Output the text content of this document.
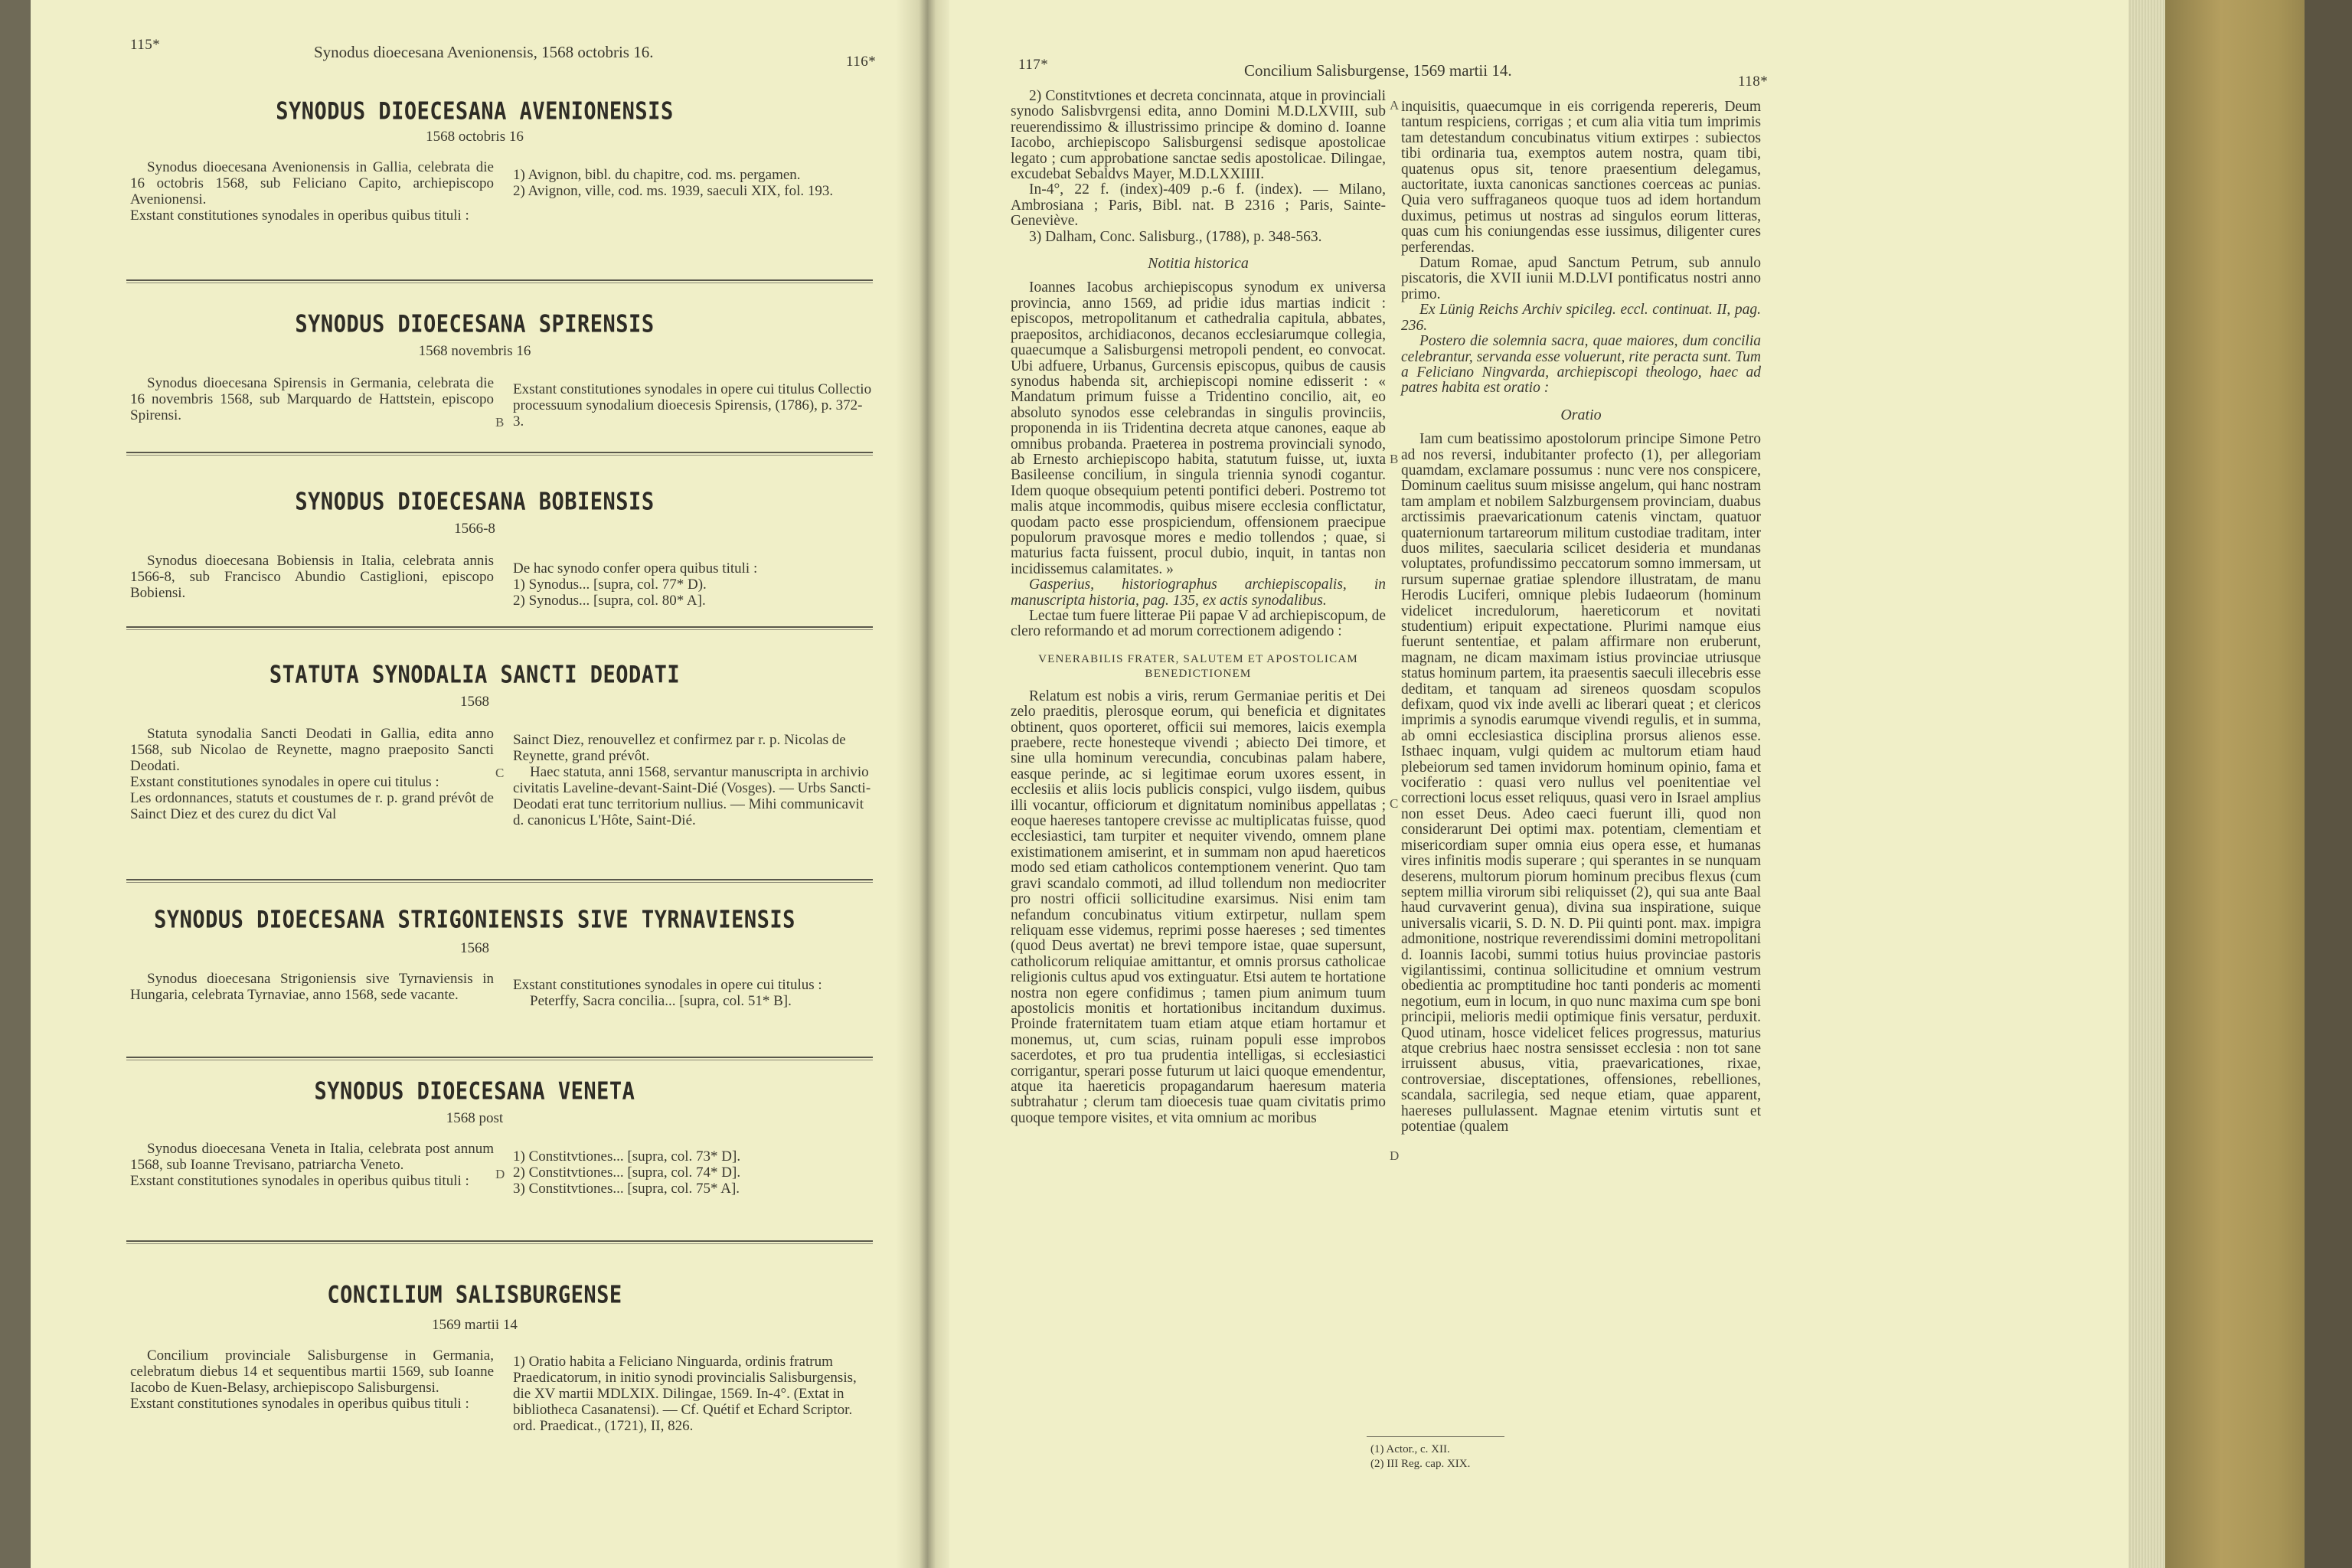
115*	Synodus dioecesana Avenionensis, 1568 octobris 16.
116*
SYNODUS DIOECESANA AVENIONENSIS
1568 octobris 16
Synodus dioecesana Avenionensis in Gallia, celebrata die 16 octobris 1568, sub Feliciano Capito, archiepiscopo Avenionensi.
Exstant constitutiones synodales in operibus quibus tituli :
1) Avignon, bibl. du chapitre, cod. ms. pergamen.
2) Avignon, ville, cod. ms. 1939, saeculi XIX, fol. 193.
SYNODUS DIOECESANA SPIRENSIS
1568 novembris 16
Synodus dioecesana Spirensis in Germania, celebrata die 16 novembris 1568, sub Marquardo de Hattstein, episcopo Spirensi.
Exstant constitutiones synodales in opere cui titulus Collectio processuum synodalium dioecesis Spirensis, (1786), p. 372-3.
B
SYNODUS DIOECESANA BOBIENSIS
1566-8
Synodus dioecesana Bobiensis in Italia, celebrata annis 1566-8, sub Francisco Abundio Castiglioni, episcopo Bobiensi.
De hac synodo confer opera quibus tituli :
1) Synodus... [supra, col. 77* D).
2) Synodus... [supra, col. 80* A].
STATUTA SYNODALIA SANCTI DEODATI
1568
Statuta synodalia Sancti Deodati in Gallia, edita anno 1568, sub Nicolao de Reynette, magno praeposito Sancti Deodati.
Exstant constitutiones synodales in opere cui titulus :
Les ordonnances, statuts et coustumes de r. p. grand prévôt de Sainct Diez et des curez du dict Val
Sainct Diez, renouvellez et confirmez par r. p. Nicolas de Reynette, grand prévôt.
Haec statuta, anni 1568, servantur manuscripta in archivio civitatis Laveline-devant-Saint-Dié (Vosges). — Urbs Sancti-Deodati erat tunc territorium nullius. — Mihi communicavit d. canonicus L'Hôte, Saint-Dié.
C
SYNODUS DIOECESANA STRIGONIENSIS SIVE TYRNAVIENSIS
1568
Synodus dioecesana Strigoniensis sive Tyrnaviensis in Hungaria, celebrata Tyrnaviae, anno 1568, sede vacante.
Exstant constitutiones synodales in opere cui titulus :
Peterffy, Sacra concilia... [supra, col. 51* B].
SYNODUS DIOECESANA VENETA
1568 post
Synodus dioecesana Veneta in Italia, celebrata post annum 1568, sub Ioanne Trevisano, patriarcha Veneto.
Exstant constitutiones synodales in operibus quibus tituli :
1) Constitvtiones... [supra, col. 73* D].
2) Constitvtiones... [supra, col. 74* D].
3) Constitvtiones... [supra, col. 75* A].
D
CONCILIUM SALISBURGENSE
1569 martii 14
Concilium provinciale Salisburgense in Germania, celebratum diebus 14 et sequentibus martii 1569, sub Ioanne Iacobo de Kuen-Belasy, archiepiscopo Salisburgensi.
Exstant constitutiones synodales in operibus quibus tituli :
1) Oratio habita a Feliciano Ninguarda, ordinis fratrum Praedicatorum, in initio synodi provincialis Salisburgensis, die XV martii MDLXIX. Dilingae, 1569. In-4°. (Extat in bibliotheca Casanatensi). — Cf. Quétif et Echard Scriptor. ord. Praedicat., (1721), II, 826.
117*	Concilium Salisburgense, 1569 martii 14.
118*

2) Constitvtiones et decreta concinnata, atque in provinciali synodo Salisbvrgensi edita, anno Domini M.D.LXVIII, sub reuerendissimo & illustrissimo principe & domino d. Ioanne Iacobo, archiepiscopo Salisburgensi sedisque apostolicae legato ; cum approbatione sanctae sedis apostolicae. Dilingae, excudebat Sebaldvs Mayer, M.D.LXXIIII.

In-4°, 22 f. (index)-409 p.-6 f. (index). — Milano, Ambrosiana ; Paris, Bibl. nat. B 2316 ; Paris, Sainte-Geneviève.

3) Dalham, Conc. Salisburg., (1788), p. 348-563.

Notitia historica

Ioannes Iacobus archiepiscopus synodum ex universa provincia, anno 1569, ad pridie idus martias indicit : episcopos, metropolitanum et cathedralia capitula, abbates, praepositos, archidiaconos, decanos ecclesiarumque collegia, quaecumque a Salisburgensi metropoli pendent, eo convocat. Ubi adfuere, Urbanus, Gurcensis episcopus, quibus de causis synodus habenda sit, archiepiscopi nomine edisserit : « Mandatum primum fuisse a Tridentino concilio, ait, eo absoluto synodos esse celebrandas in singulis provinciis, proponenda in iis Tridentina decreta atque canones, eaque ab omnibus probanda. Praeterea in postrema provinciali synodo, ab Ernesto archiepiscopo habita, statutum fuisse, ut, iuxta Basileense concilium, in singula triennia synodi cogantur. Idem quoque obsequium petenti pontifici deberi. Postremo tot malis atque incommodis, quibus misere ecclesia conflictatur, quodam pacto esse prospiciendum, offensionem praecipue populorum pravosque mores e medio tollendos ; quae, si maturius facta fuissent, procul dubio, inquit, in tantas non incidissemus calamitates. »

Gasperius, historiographus archiepiscopalis, in manuscripta historia, pag. 135, ex actis synodalibus.

Lectae tum fuere litterae Pii papae V ad archiepiscopum, de clero reformando et ad morum correctionem adigendo :

VENERABILIS FRATER, SALUTEM ET APOSTOLICAM BENEDICTIONEM

Relatum est nobis a viris, rerum Germaniae peritis et Dei zelo praeditis, plerosque eorum, qui beneficia et dignitates obtinent, quos oporteret, officii sui memores, laicis exempla praebere, recte honesteque vivendi ; abiecto Dei timore, et sine ulla hominum verecundia, concubinas palam habere, easque perinde, ac si legitimae eorum uxores essent, in ecclesiis et aliis locis publicis conspici, vulgo iisdem, quibus illi vocantur, officiorum et dignitatum nominibus appellatas ; eoque haereses tantopere crevisse ac multiplicatas fuisse, quod ecclesiastici, tam turpiter et nequiter vivendo, omnem plane existimationem amiserint, et in summam non apud haereticos modo sed etiam catholicos contemptionem venerint. Quo tam gravi scandalo commoti, ad illud tollendum non mediocriter pro nostri officii sollicitudine exarsimus. Nisi enim tam nefandum concubinatus vitium extirpetur, nullam spem reliquam esse videmus, reprimi posse haereses ; sed timentes (quod Deus avertat) ne brevi tempore istae, quae supersunt, catholicorum reliquiae amittantur, et omnis prorsus catholicae religionis cultus apud vos extinguatur. Etsi autem te hortatione nostra non egere confidimus ; tamen pium animum tuum apostolicis monitis et hortationibus incitandum duximus. Proinde fraternitatem tuam etiam atque etiam hortamur et monemus, ut, cum scias, ruinam populi esse improbos sacerdotes, et pro tua prudentia intelligas, si ecclesiastici corrigantur, sperari posse futurum ut laici quoque emendentur, atque ita haereticis propagandarum haeresum materia subtrahatur ; clerum tam dioecesis tuae quam civitatis primo quoque tempore visites, et vita omnium ac moribus

A
B
C
D

inquisitis, quaecumque in eis corrigenda repereris, Deum tantum respiciens, corrigas ; et cum alia vitia tum imprimis tam detestandum concubinatus vitium extirpes : subiectos tibi ordinaria tua, exemptos autem nostra, quam tibi, quatenus opus sit, tenore praesentium delegamus, auctoritate, iuxta canonicas sanctiones coerceas ac punias. Quia vero suffraganeos quoque tuos ad idem hortandum duximus, petimus ut nostras ad singulos eorum litteras, quas cum his coniungendas esse iussimus, diligenter cures perferendas.

Datum Romae, apud Sanctum Petrum, sub annulo piscatoris, die XVII iunii M.D.LVI pontificatus nostri anno primo.

Ex Lünig Reichs Archiv spicileg. eccl. continuat. II, pag. 236.

Postero die solemnia sacra, quae maiores, dum concilia celebrantur, servanda esse voluerunt, rite peracta sunt. Tum a Feliciano Ningvarda, archiepiscopi theologo, haec ad patres habita est oratio :

Oratio

Iam cum beatissimo apostolorum principe Simone Petro ad nos reversi, indubitanter profecto (1), per allegoriam quamdam, exclamare possumus : nunc vere nos conspicere, Dominum caelitus suum misisse angelum, qui hanc nostram tam amplam et nobilem Salzburgensem provinciam, duabus arctissimis praevaricationum catenis vinctam, quatuor quaternionum tartareorum militum custodiae traditam, inter duos milites, saecularia scilicet desideria et mundanas voluptates, profundissimo peccatorum somno immersam, ut rursum supernae gratiae splendore illustratam, de manu Herodis Luciferi, omnique plebis Iudaeorum (hominum videlicet incredulorum, haereticorum et novitati studentium) eripuit expectatione. Plurimi namque eius fuerunt sententiae, et palam affirmare non eruberunt, magnam, ne dicam maximam istius provinciae utriusque status hominum partem, ita praesentis saeculi illecebris esse deditam, et tanquam ad sireneos quosdam scopulos defixam, quod vix inde avelli ac liberari queat ; et clericos imprimis a synodis earumque vivendi regulis, et in summa, ab omni ecclesiastica disciplina prorsus alienos esse. Isthaec inquam, vulgi quidem ac multorum etiam haud plebeiorum sed tamen invidorum hominum opinio, fama et vociferatio : quasi vero nullus vel poenitentiae vel correctioni locus esset reliquus, quasi vero in Israel amplius non esset Deus. Adeo caeci fuerunt illi, quod non considerarunt Dei optimi max. potentiam, clementiam et misericordiam super omnia eius opera esse, et humanas vires infinitis modis superare ; qui sperantes in se nunquam deserens, multorum piorum hominum precibus flexus (cum septem millia virorum sibi reliquisset (2), qui sua ante Baal haud curvaverint genua), divina sua inspiratione, suique universalis vicarii, S. D. N. D. Pii quinti pont. max. impigra admonitione, nostrique reverendissimi domini metropolitani d. Ioannis Iacobi, summi totius huius provinciae pastoris vigilantissimi, continua sollicitudine et omnium vestrum obedientia ac promptitudine hoc tanti ponderis ac momenti negotium, eum in locum, in quo nunc maxima cum spe boni principii, melioris medii optimique finis versatur, perduxit. Quod utinam, hosce videlicet felices progressus, maturius atque crebrius haec nostra sensisset ecclesia : non tot sane irruissent abusus, vitia, praevaricationes, rixae, controversiae, disceptationes, offensiones, rebelliones, scandala, sacrilegia, sed neque etiam, quae apparent, haereses pullulassent. Magnae etenim virtutis sunt et potentiae (qualem

(1) Actor., c. XII.
(2) III Reg. cap. XIX.
